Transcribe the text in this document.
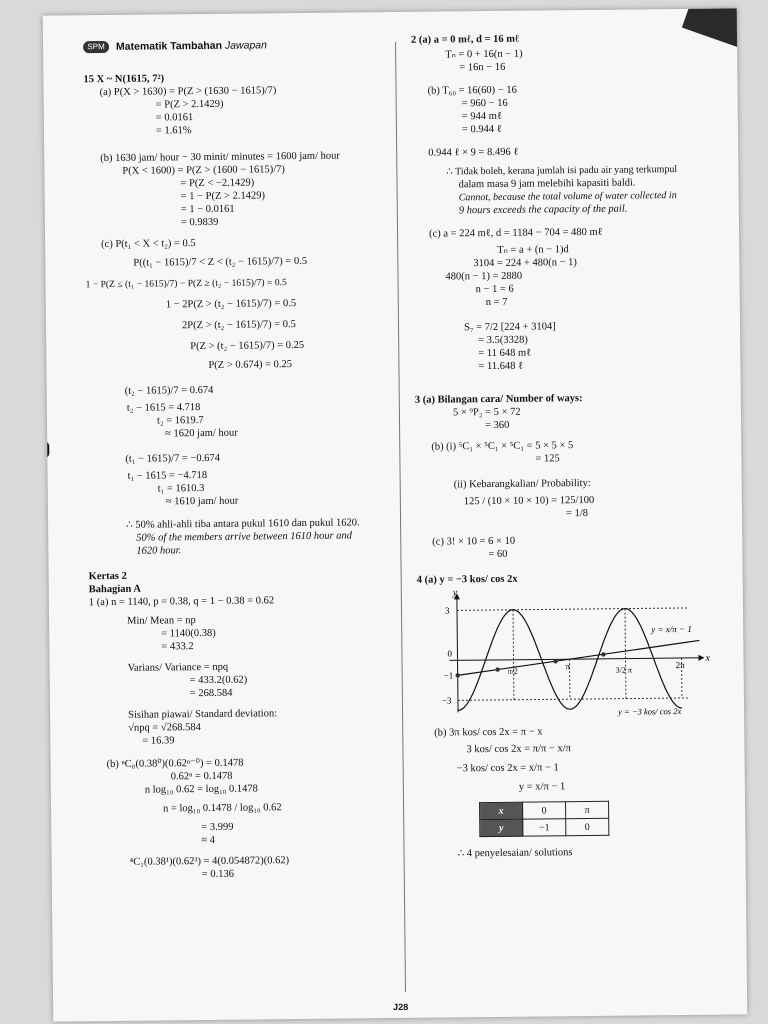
SPM Matematik Tambahan Jawapan
15 X ~ N(1615, 7²)
(a) P(X > 1630) = P(Z > (1630 − 1615)/7)
= P(Z > 2.1429)
= 0.0161
= 1.61%
(b) 1630 jam/ hour − 30 minit/ minutes = 1600 jam/ hour
P(X < 1600) = P(Z > (1600 − 1615)/7)
= P(Z < −2.1429)
= 1 − P(Z > 2.1429)
= 1 − 0.0161
= 0.9839
(c) P(t₁ < X < t₂) = 0.5
P((t₁ − 1615)/7 < Z < (t₂ − 1615)/7) = 0.5
1 − P(Z ≤ (t₁ − 1615)/7) − P(Z ≥ (t₂ − 1615)/7) = 0.5
1 − 2P(Z > (t₂ − 1615)/7) = 0.5
2P(Z > (t₂ − 1615)/7) = 0.5
P(Z > (t₂ − 1615)/7) = 0.25
P(Z > 0.674) = 0.25
(t₂ − 1615)/7 = 0.674
t₂ − 1615 = 4.718
t₂ = 1619.7
≈ 1620 jam/ hour
(t₁ − 1615)/7 = −0.674
t₁ − 1615 = −4.718
t₁ = 1610.3
≈ 1610 jam/ hour
∴ 50% ahli-ahli tiba antara pukul 1610 dan pukul 1620.
50% of the members arrive between 1610 hour and
1620 hour.
Kertas 2
Bahagian A
1 (a) n = 1140, p = 0.38, q = 1 − 0.38 = 0.62
Min/ Mean = np
= 1140(0.38)
= 433.2
Varians/ Variance = npq
= 433.2(0.62)
= 268.584
Sisihan piawai/ Standard deviation:
√npq = √268.584
= 16.39
(b) ⁿC₀(0.38⁰)(0.62ⁿ⁻⁰) = 0.1478
0.62ⁿ = 0.1478
n log₁₀ 0.62 = log₁₀ 0.1478
n = log₁₀ 0.1478 / log₁₀ 0.62
= 3.999
≈ 4
⁴C₁(0.38¹)(0.62³) = 4(0.054872)(0.62)
= 0.136
2 (a) a = 0 mℓ, d = 16 mℓ
Tₙ = 0 + 16(n − 1)
= 16n − 16
(b) T₆₀ = 16(60) − 16
= 960 − 16
= 944 mℓ
= 0.944 ℓ
0.944 ℓ × 9 = 8.496 ℓ
∴ Tidak boleh, kerana jumlah isi padu air yang terkumpul
dalam masa 9 jam melebihi kapasiti baldi.
Cannot, because the total volume of water collected in
9 hours exceeds the capacity of the pail.
(c) a = 224 mℓ, d = 1184 − 704 = 480 mℓ
Tₙ = a + (n − 1)d
3104 = 224 + 480(n − 1)
480(n − 1) = 2880
n − 1 = 6
n = 7
S₇ = 7/2 [224 + 3104]
= 3.5(3328)
= 11 648 mℓ
= 11.648 ℓ
3 (a) Bilangan cara/ Number of ways:
5 × ⁹P₂ = 5 × 72
= 360
(b) (i) ⁵C₁ × ⁵C₁ × ⁵C₁ = 5 × 5 × 5
= 125
(ii) Kebarangkalian/ Probability:
125 / (10 × 10 × 10) = 125/100
= 1/8
(c) 3! × 10 = 6 × 10
= 60
4 (a) y = −3 kos/ cos 2x
y
x
3
0
−1
−3
π/2
π	3/2 π
2π
y = x/π − 1
y = −3 kos/ cos 2x
(b) 3π kos/ cos 2x = π − x
3 kos/ cos 2x = π/π − x/π
−3 kos/ cos 2x = x/π − 1
y = x/π − 1
x	0	π
y	−1	0
∴ 4 penyelesaian/ solutions
J28
